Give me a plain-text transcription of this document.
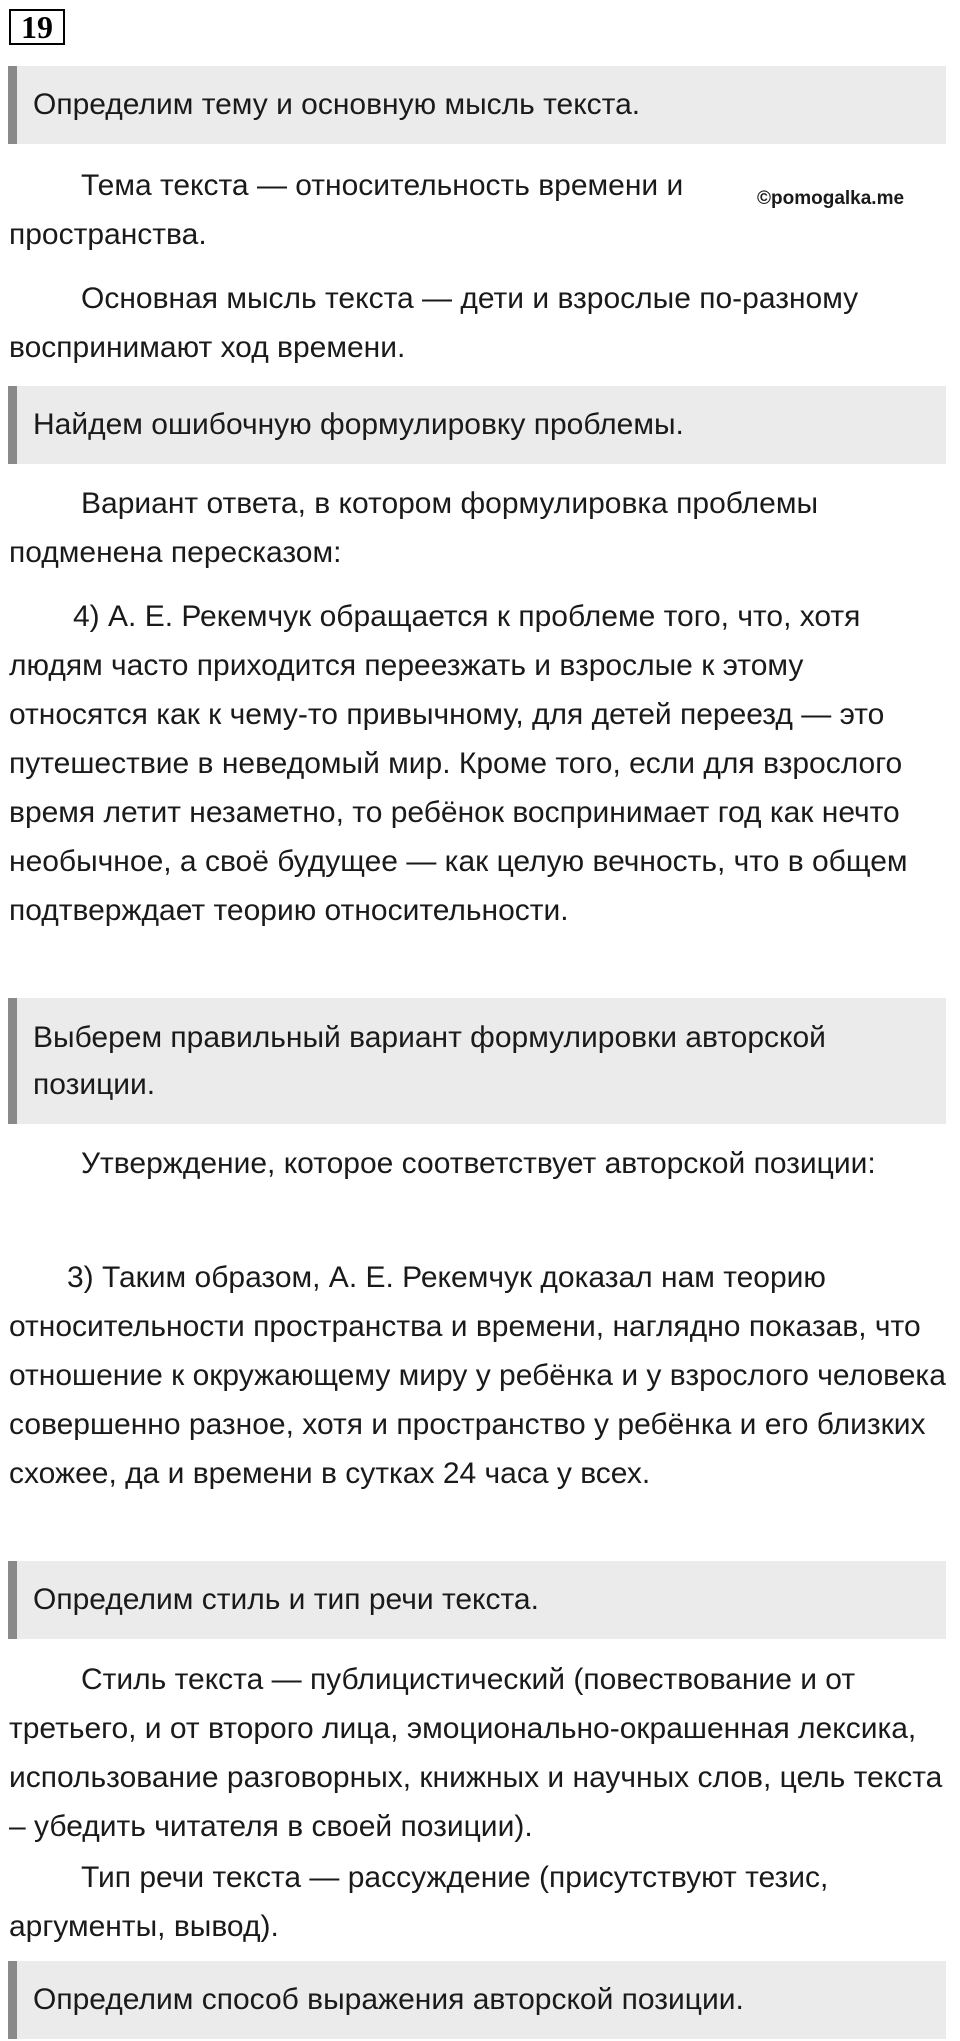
19
Определим тему и основную мысль текста.

Тема текста — относительность времени и пространства.

©pomogalka.me

Основная мысль текста — дети и взрослые по-разному воспринимают ход времени.

Найдем ошибочную формулировку проблемы.

Вариант ответа, в котором формулировка проблемы подменена пересказом:

4) А. Е. Рекемчук обращается к проблеме того, что, хотя людям часто приходится переезжать и взрослые к этому относятся как к чему-то привычному, для детей переезд — это путешествие в неведомый мир. Кроме того, если для взрослого время летит незаметно, то ребёнок воспринимает год как нечто необычное, а своё будущее — как целую вечность, что в общем подтверждает теорию относительности.

Выберем правильный вариант формулировки авторской позиции.

Утверждение, которое соответствует авторской позиции:

3) Таким образом, А. Е. Рекемчук доказал нам теорию относительности пространства и времени, наглядно показав, что отношение к окружающему миру у ребёнка и у взрослого человека совершенно разное, хотя и пространство у ребёнка и его близких схожее, да и времени в сутках 24 часа у всех.

Определим стиль и тип речи текста.

Стиль текста — публицистический (повествование и от третьего, и от второго лица, эмоционально-окрашенная лексика, использование разговорных, книжных и научных слов, цель текста – убедить читателя в своей позиции).

Тип речи текста — рассуждение (присутствуют тезис, аргументы, вывод).

Определим способ выражения авторской позиции.
